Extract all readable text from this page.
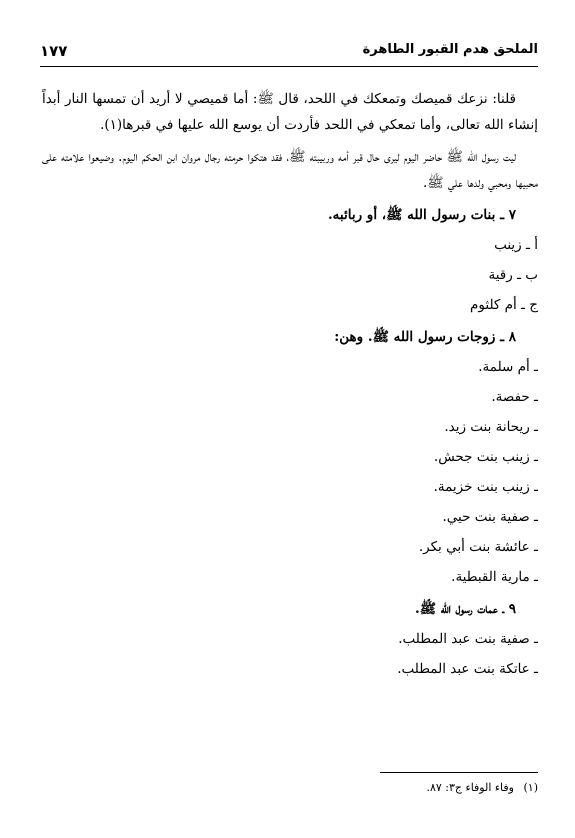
١٧٧	الملحق هدم القبور الطاهرة

قلنا: نزعك قميصك وتمعكك في اللحد، قال ﷺ: أما قميصي لا أريد أن تمسها النار أبداً إنشاء الله تعالى، وأما تمعكي في اللحد فأردت أن يوسع الله عليها في قبرها(١).

ليت رسول الله ﷺ حاضر اليوم ليرى حال قبر أمه وربيبته ﷺ، فقد هتكوا حرمته رجال مروان ابن الحكم اليوم. وضيعوا علامته على محبيها ومحبي ولدها علي ﷺ.

٧ ـ بنات رسول الله ﷺ، أو ربائبه.

أ ـ زينب
ب ـ رقية
ج ـ أم كلثوم

٨ ـ زوجات رسول الله ﷺ. وهن:

ـ أم سلمة.
ـ حفصة.
ـ ريحانة بنت زيد.
ـ زينب بنت جحش.
ـ زينب بنت خزيمة.
ـ صفية بنت حيي.
ـ عائشة بنت أبي بكر.
ـ مارية القبطية.

٩ ـ عمات رسول الله ﷺ.

ـ صفية بنت عبد المطلب.
ـ عاتكة بنت عبد المطلب.
(١) وفاء الوفاء ج٣: ٨٧.
